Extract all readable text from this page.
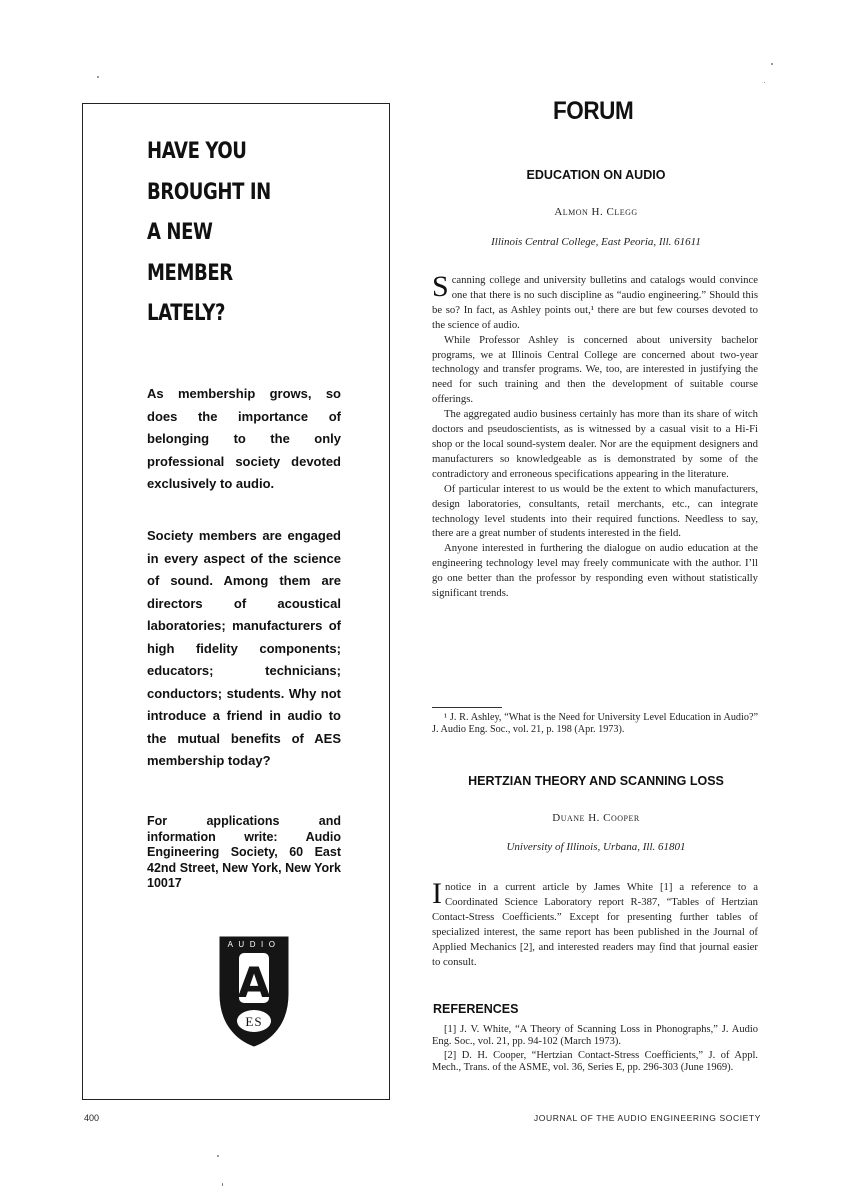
HAVE YOU
BROUGHT IN
A NEW
MEMBER
LATELY?
As membership grows, so does the importance of belonging to the only professional society devoted exclusively to audio.
Society members are engaged in every aspect of the science of sound. Among them are directors of acoustical laboratories; manufacturers of high fidelity components; educators; technicians; conductors; students. Why not introduce a friend in audio to the mutual benefits of AES membership today?
For applications and information write: Audio Engineering Society, 60 East 42nd Street, New York, New York 10017
AUDIO
A
ES
FORUM
EDUCATION ON AUDIO
Almon H. Clegg
Illinois Central College, East Peoria, Ill. 61611

Scanning college and university bulletins and catalogs would convince one that there is no such discipline as “audio engineering.” Should this be so? In fact, as Ashley points out,¹ there are but few courses devoted to the science of audio.

While Professor Ashley is concerned about university bachelor programs, we at Illinois Central College are concerned about two-year technology and transfer programs. We, too, are interested in justifying the need for such training and then the development of suitable course offerings.

The aggregated audio business certainly has more than its share of witch doctors and pseudoscientists, as is witnessed by a casual visit to a Hi-Fi shop or the local sound-system dealer. Nor are the equipment designers and manufacturers so knowledgeable as is demonstrated by some of the contradictory and erroneous specifications appearing in the literature.

Of particular interest to us would be the extent to which manufacturers, design laboratories, consultants, retail merchants, etc., can integrate technology level students into their required functions. Needless to say, there are a great number of students interested in the field.

Anyone interested in furthering the dialogue on audio education at the engineering technology level may freely communicate with the author. I’ll go one better than the professor by responding even without statistically significant trends.

¹ J. R. Ashley, “What is the Need for University Level Education in Audio?” J. Audio Eng. Soc., vol. 21, p. 198 (Apr. 1973).
HERTZIAN THEORY AND SCANNING LOSS
Duane H. Cooper
University of Illinois, Urbana, Ill. 61801

Inotice in a current article by James White [1] a reference to a Coordinated Science Laboratory report R-387, “Tables of Hertzian Contact-Stress Coefficients.” Except for presenting further tables of specialized interest, the same report has been published in the Journal of Applied Mechanics [2], and interested readers may find that journal easier to consult.

REFERENCES

[1] J. V. White, “A Theory of Scanning Loss in Phonographs,” J. Audio Eng. Soc., vol. 21, pp. 94-102 (March 1973).

[2] D. H. Cooper, “Hertzian Contact-Stress Coefficients,” J. of Appl. Mech., Trans. of the ASME, vol. 36, Series E, pp. 296-303 (June 1969).

400	JOURNAL OF THE AUDIO ENGINEERING SOCIETY
